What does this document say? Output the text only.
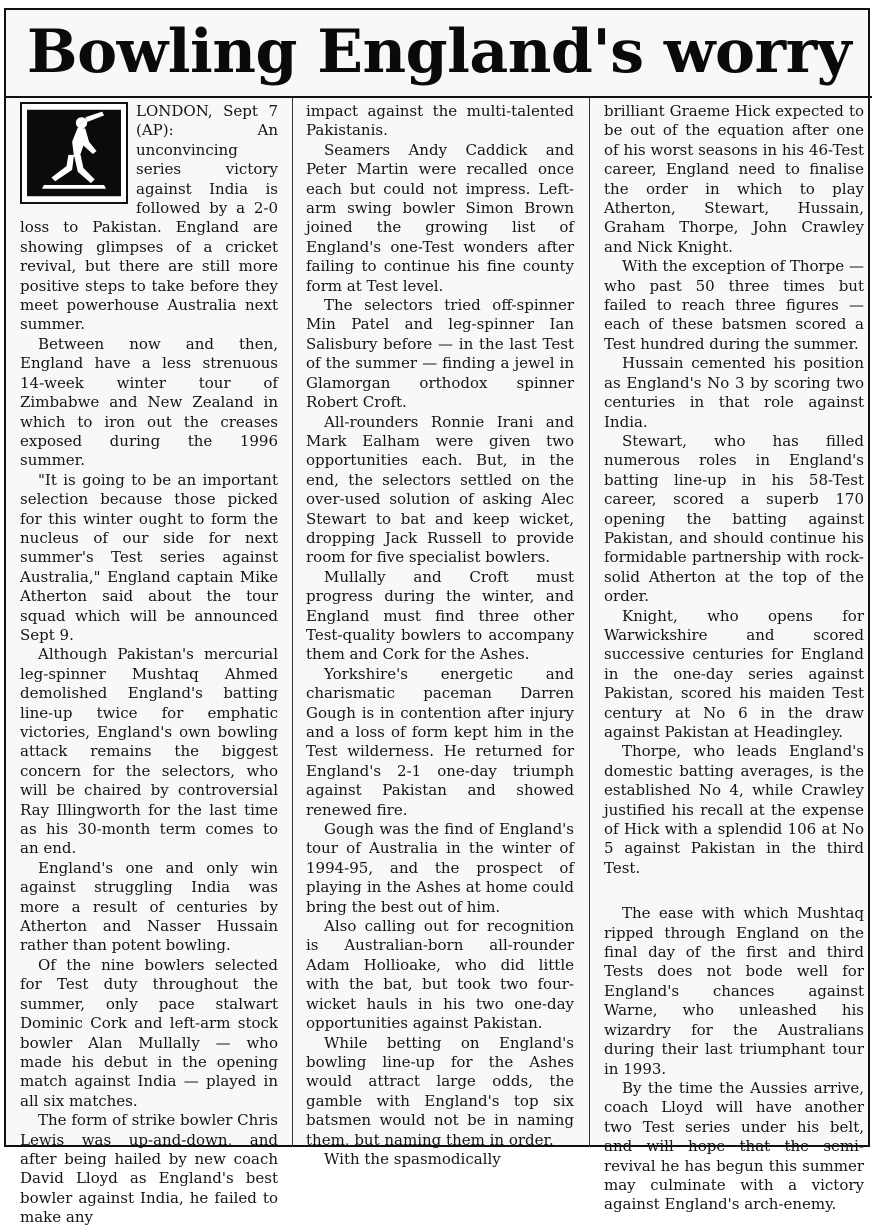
Bowling England's worry

LONDON, Sept 7 (AP): An unconvincing series victory against India is followed by a 2-0 loss to Pakistan. England are showing glimpses of a cricket revival, but there are still more positive steps to take before they meet powerhouse Australia next summer.

Between now and then, England have a less strenuous 14-week winter tour of Zimbabwe and New Zealand in which to iron out the creases exposed during the 1996 summer.

"It is going to be an important selection because those picked for this winter ought to form the nucleus of our side for next summer's Test series against Australia," England captain Mike Atherton said about the tour squad which will be announced Sept 9.

Although Pakistan's mercurial leg-spinner Mushtaq Ahmed demolished England's batting line-up twice for emphatic victories, England's own bowling attack remains the biggest concern for the selectors, who will be chaired by controversial Ray Illingworth for the last time as his 30-month term comes to an end.

England's one and only win against struggling India was more a result of centuries by Atherton and Nasser Hussain rather than potent bowling.

Of the nine bowlers selected for Test duty throughout the summer, only pace stalwart Dominic Cork and left-arm stock bowler Alan Mullally — who made his debut in the opening match against India — played in all six matches.

The form of strike bowler Chris Lewis was up-and-down, and after being hailed by new coach David Lloyd as England's best bowler against India, he failed to make any

impact against the multi-talented Pakistanis.

Seamers Andy Caddick and Peter Martin were recalled once each but could not impress. Left-arm swing bowler Simon Brown joined the growing list of England's one-Test wonders after failing to continue his fine county form at Test level.

The selectors tried off-spinner Min Patel and leg-spinner Ian Salisbury before — in the last Test of the summer — finding a jewel in Glamorgan orthodox spinner Robert Croft.

All-rounders Ronnie Irani and Mark Ealham were given two opportunities each. But, in the end, the selectors settled on the over-used solution of asking Alec Stewart to bat and keep wicket, dropping Jack Russell to provide room for five specialist bowlers.

Mullally and Croft must progress during the winter, and England must find three other Test-quality bowlers to accompany them and Cork for the Ashes.

Yorkshire's energetic and charismatic paceman Darren Gough is in contention after injury and a loss of form kept him in the Test wilderness. He returned for England's 2-1 one-day triumph against Pakistan and showed renewed fire.

Gough was the find of England's tour of Australia in the winter of 1994-95, and the prospect of playing in the Ashes at home could bring the best out of him.

Also calling out for recognition is Australian-born all-rounder Adam Hollioake, who did little with the bat, but took two four-wicket hauls in his two one-day opportunities against Pakistan.

While betting on England's bowling line-up for the Ashes would attract large odds, the gamble with England's top six batsmen would not be in naming them, but naming them in order.

With the spasmodically

brilliant Graeme Hick expected to be out of the equation after one of his worst seasons in his 46-Test career, England need to finalise the order in which to play Atherton, Stewart, Hussain, Graham Thorpe, John Crawley and Nick Knight.

With the exception of Thorpe — who past 50 three times but failed to reach three figures — each of these batsmen scored a Test hundred during the summer.

Hussain cemented his position as England's No 3 by scoring two centuries in that role against India.

Stewart, who has filled numerous roles in England's batting line-up in his 58-Test career, scored a superb 170 opening the batting against Pakistan, and should continue his formidable partnership with rock-solid Atherton at the top of the order.

Knight, who opens for Warwickshire and scored successive centuries for England in the one-day series against Pakistan, scored his maiden Test century at No 6 in the draw against Pakistan at Headingley.

Thorpe, who leads England's domestic batting averages, is the established No 4, while Crawley justified his recall at the expense of Hick with a splendid 106 at No 5 against Pakistan in the third Test.

The ease with which Mushtaq ripped through England on the final day of the first and third Tests does not bode well for England's chances against Warne, who unleashed his wizardry for the Australians during their last triumphant tour in 1993.

By the time the Aussies arrive, coach Lloyd will have another two Test series under his belt, and will hope that the semi-revival he has begun this summer may culminate with a victory against England's arch-enemy.
